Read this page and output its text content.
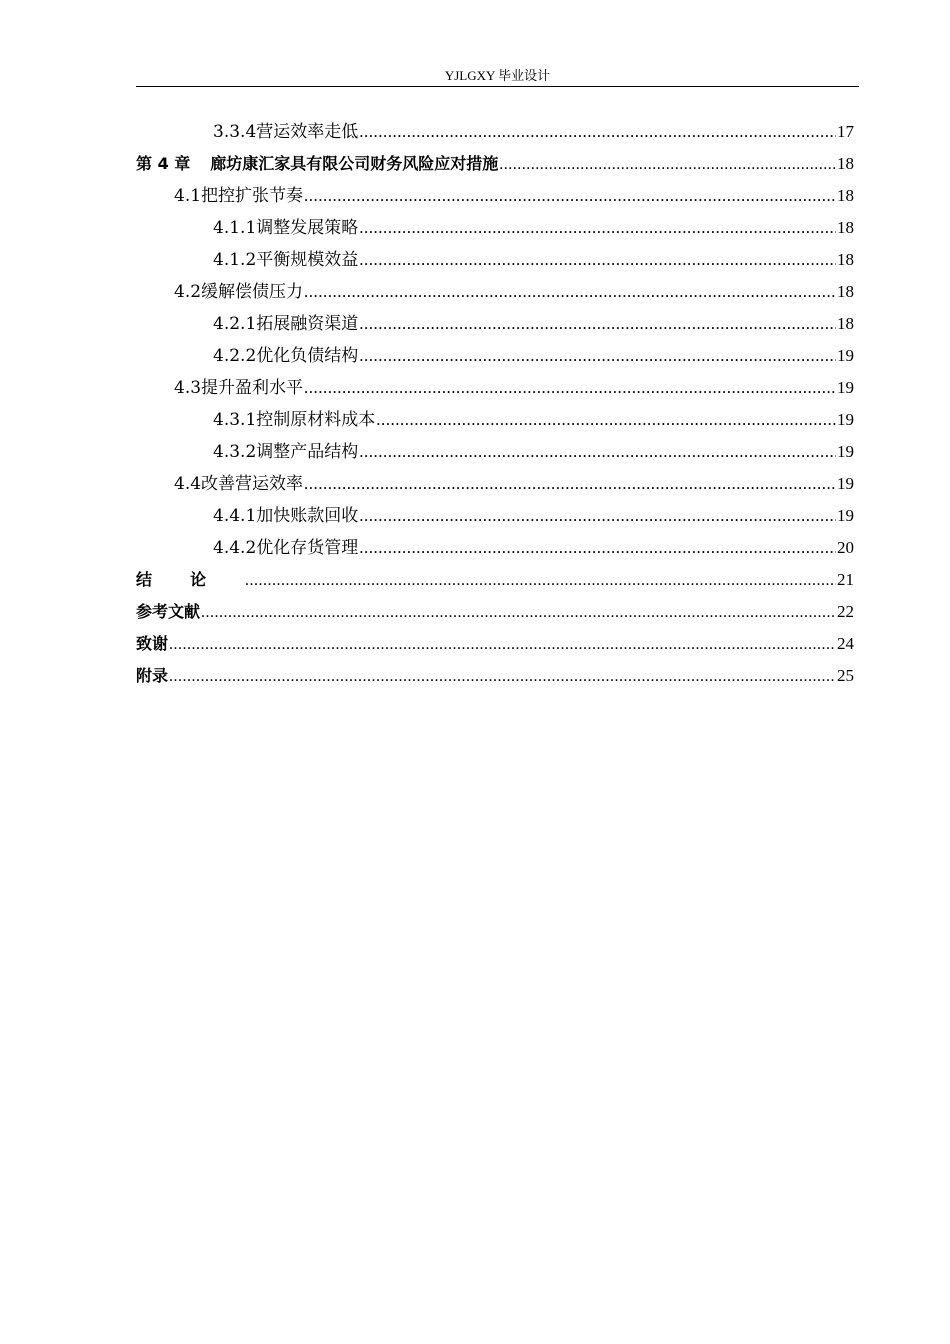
YJLGXY 毕业设计
3.3.4 营运效率走低 .....	17
第 4 章 廊坊康汇家具有限公司财务风险应对措施 .....	18
4.1 把控扩张节奏 .....	18
4.1.1 调整发展策略 .....	18
4.1.2 平衡规模效益 .....	18
4.2 缓解偿债压力 .....	18
4.2.1 拓展融资渠道 .....	18
4.2.2 优化负债结构 .....	19
4.3 提升盈利水平 .....	19
4.3.1 控制原材料成本 .....	19
4.3.2 调整产品结构 .....	19
4.4 改善营运效率 .....	19
4.4.1 加快账款回收 .....	19
4.4.2 优化存货管理 .....	20
结论 .....	21
参考文献 .....	22
致谢 .....	24
附录 .....	25
